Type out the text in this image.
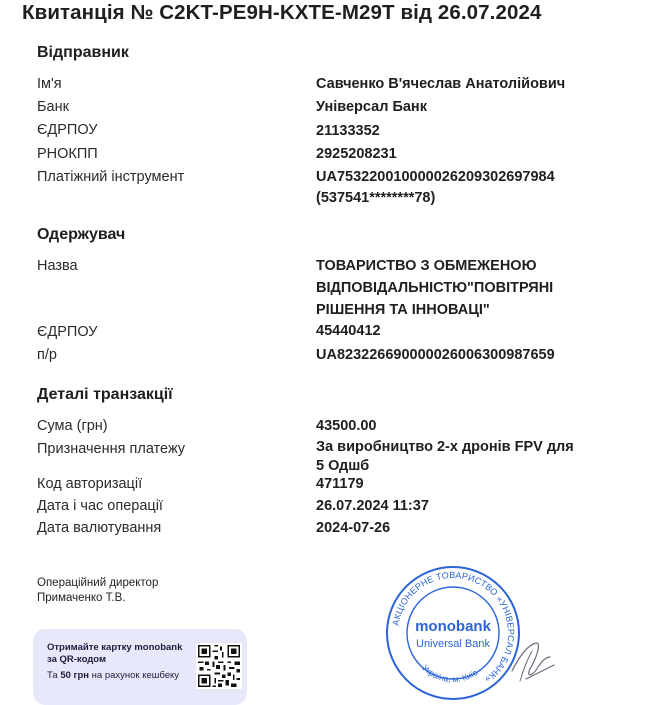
Квитанція № C2KT-PE9H-KXTE-M29T від 26.07.2024
Відправник
Ім'я	Савченко В'ячеслав Анатолійович
Банк	Універсал Банк
ЄДРПОУ	21133352
РНОКПП	2925208231
Платіжний інструмент	UA753220010000026209302697984
(537541********78)
Одержувач
Назва	ТОВАРИСТВО З ОБМЕЖЕНОЮ
ВІДПОВІДАЛЬНІСТЮ"ПОВІТРЯНІ
РІШЕННЯ ТА ІННОВАЦІ"
ЄДРПОУ	45440412
п/р	UA823226690000026006300987659
Деталі транзакції
Сума (грн)	43500.00
Призначення платежу	За виробництво 2-х дронів FPV для
5 Одшб
Код авторизації	471179
Дата і час операції	26.07.2024 11:37
Дата валютування	2024-07-26
Операційний директор
Примаченко Т.В.
Отримайте картку monobank за QR-кодом
Та 50 грн на рахунок кешбеку
АКЦІОНЕРНЕ ТОВАРИСТВО «УНІВЕРСАЛ БАНК»
Україна, м. Київ
monobank
Universal Bank
